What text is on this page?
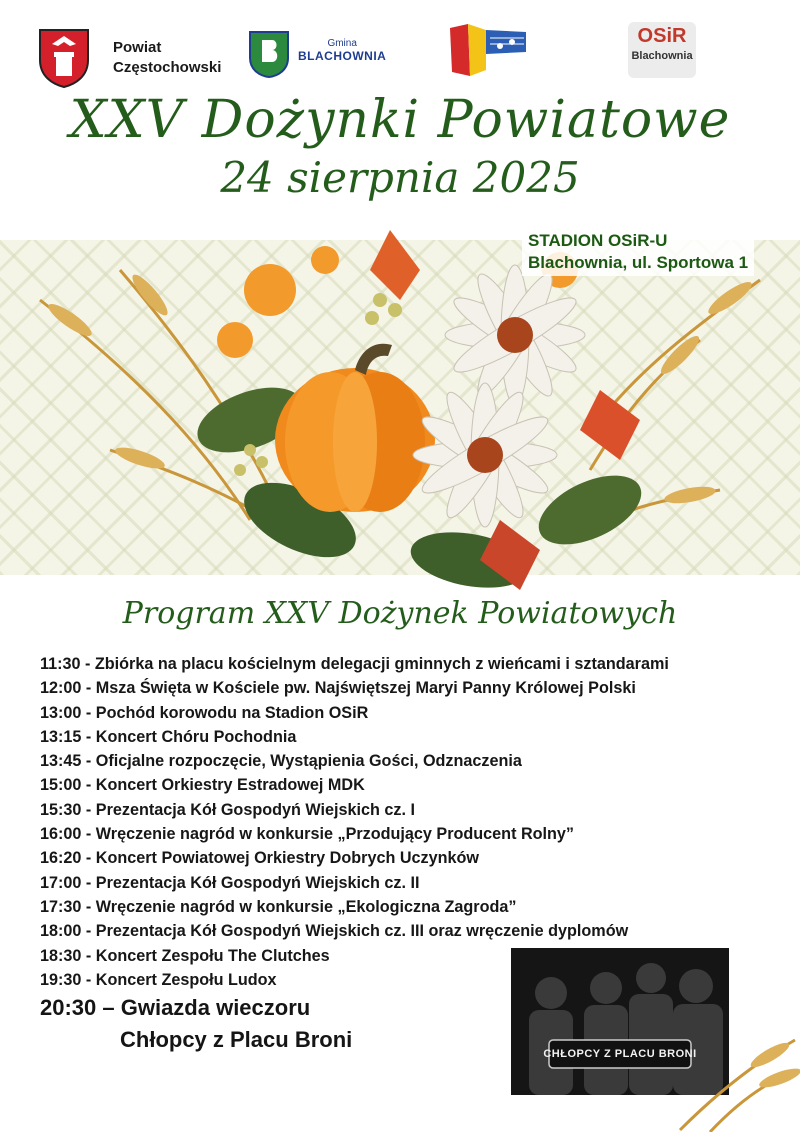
Powiat
Częstochowski
Gmina
BLACHOWNIA
OSiR
Blachownia
XXV Dożynki Powiatowe
24 sierpnia 2025
STADION OSiR-U
Blachownia, ul. Sportowa 1
Program XXV Dożynek Powiatowych
11:30 - Zbiórka na placu kościelnym delegacji gminnych z wieńcami i sztandarami
12:00 - Msza Święta w Kościele pw. Najświętszej Maryi Panny Królowej Polski
13:00 - Pochód korowodu na Stadion OSiR
13:15 - Koncert Chóru Pochodnia
13:45 - Oficjalne rozpoczęcie, Wystąpienia Gości, Odznaczenia
15:00 - Koncert Orkiestry Estradowej MDK
15:30 - Prezentacja Kół Gospodyń Wiejskich cz. I
16:00 - Wręczenie nagród w konkursie „Przodujący Producent Rolny”
16:20 - Koncert Powiatowej Orkiestry Dobrych Uczynków
17:00 - Prezentacja Kół Gospodyń Wiejskich cz. II
17:30 - Wręczenie nagród w konkursie „Ekologiczna Zagroda”
18:00 - Prezentacja Kół Gospodyń Wiejskich cz. III oraz wręczenie dyplomów
18:30 - Koncert Zespołu The Clutches
19:30 - Koncert Zespołu Ludox
20:30 – Gwiazda wieczoru
Chłopcy z Placu Broni
CHŁOPCY Z PLACU BRONI
